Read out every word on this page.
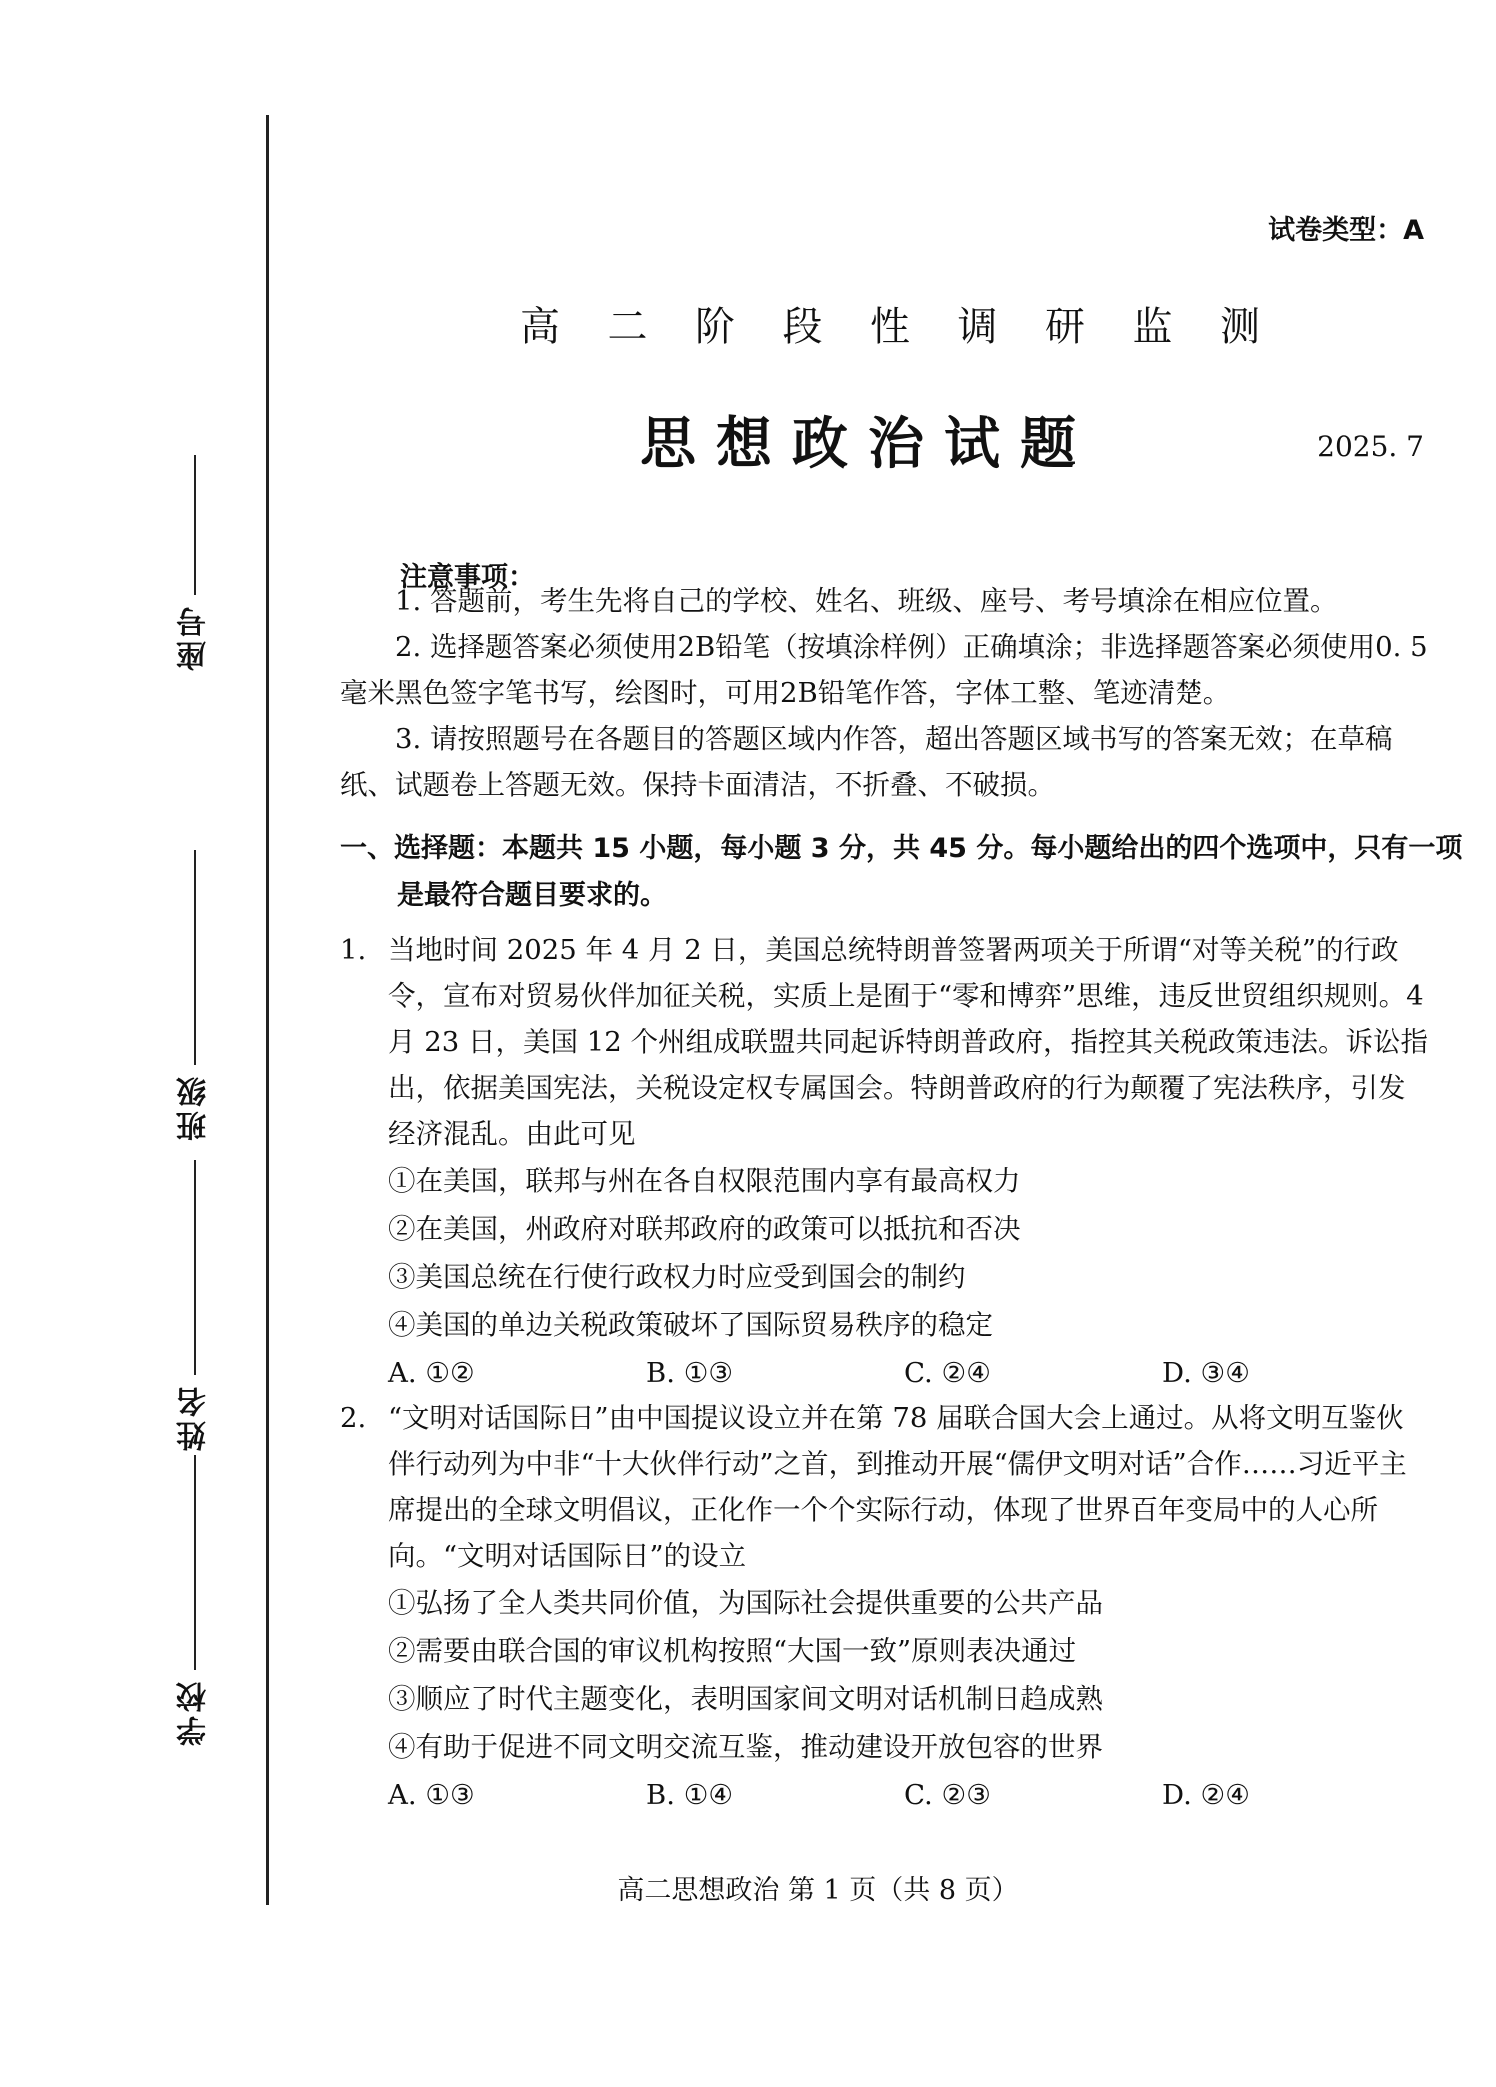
座号
班级
姓名
学校
试卷类型：A
高 二 阶 段 性 调 研 监 测
思想政治试题	2025. 7
注意事项：

1. 答题前，考生先将自己的学校、姓名、班级、座号、考号填涂在相应位置。

2. 选择题答案必须使用2B铅笔（按填涂样例）正确填涂；非选择题答案必须使用0. 5毫米黑色签字笔书写，绘图时，可用2B铅笔作答，字体工整、笔迹清楚。

3. 请按照题号在各题目的答题区域内作答，超出答题区域书写的答案无效；在草稿纸、试题卷上答题无效。保持卡面清洁，不折叠、不破损。

一、选择题：本题共 15 小题，每小题 3 分，共 45 分。每小题给出的四个选项中，只有一项是最符合题目要求的。

1. 当地时间 2025 年 4 月 2 日，美国总统特朗普签署两项关于所谓“对等关税”的行政令，宣布对贸易伙伴加征关税，实质上是囿于“零和博弈”思维，违反世贸组织规则。4 月 23 日，美国 12 个州组成联盟共同起诉特朗普政府，指控其关税政策违法。诉讼指出，依据美国宪法，关税设定权专属国会。特朗普政府的行为颠覆了宪法秩序，引发经济混乱。由此可见
①在美国，联邦与州在各自权限范围内享有最高权力
②在美国，州政府对联邦政府的政策可以抵抗和否决
③美国总统在行使行政权力时应受到国会的制约
④美国的单边关税政策破坏了国际贸易秩序的稳定
A. ①②	B. ①③	C. ②④	D. ③④
2. “文明对话国际日”由中国提议设立并在第 78 届联合国大会上通过。从将文明互鉴伙伴行动列为中非“十大伙伴行动”之首，到推动开展“儒伊文明对话”合作……习近平主席提出的全球文明倡议，正化作一个个实际行动，体现了世界百年变局中的人心所向。“文明对话国际日”的设立
①弘扬了全人类共同价值，为国际社会提供重要的公共产品
②需要由联合国的审议机构按照“大国一致”原则表决通过
③顺应了时代主题变化，表明国家间文明对话机制日趋成熟
④有助于促进不同文明交流互鉴，推动建设开放包容的世界
A. ①③	B. ①④	C. ②③	D. ②④
高二思想政治 第 1 页（共 8 页）
